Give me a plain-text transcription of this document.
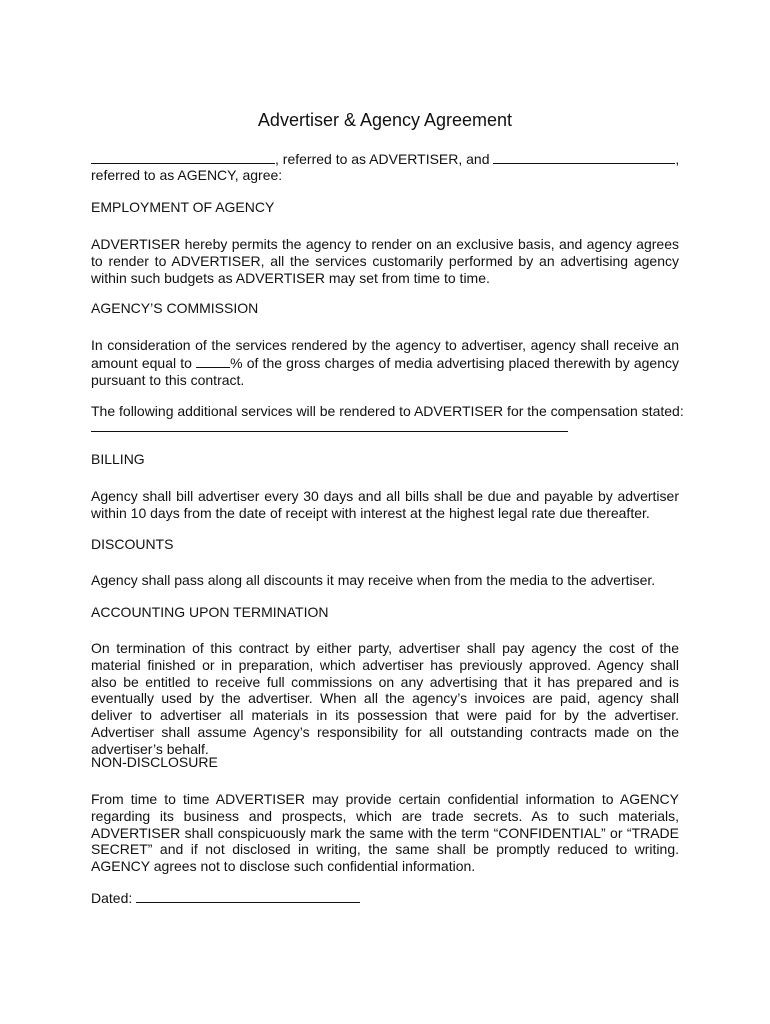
Advertiser & Agency Agreement
, referred to as ADVERTISER, and	,
referred to as AGENCY, agree:
EMPLOYMENT OF AGENCY
ADVERTISER hereby permits the agency to render on an exclusive basis, and agency agrees to render to ADVERTISER, all the services customarily performed by an advertising agency within such budgets as ADVERTISER may set from time to time.
AGENCY’S COMMISSION
In consideration of the services rendered by the agency to advertiser, agency shall receive an amount equal to % of the gross charges of media advertising placed therewith by agency pursuant to this contract.
The following additional services will be rendered to ADVERTISER for the compensation stated:
BILLING
Agency shall bill advertiser every 30 days and all bills shall be due and payable by advertiser within 10 days from the date of receipt with interest at the highest legal rate due thereafter.
DISCOUNTS
Agency shall pass along all discounts it may receive when from the media to the advertiser.
ACCOUNTING UPON TERMINATION
On termination of this contract by either party, advertiser shall pay agency the cost of the material finished or in preparation, which advertiser has previously approved. Agency shall also be entitled to receive full commissions on any advertising that it has prepared and is eventually used by the advertiser. When all the agency’s invoices are paid, agency shall deliver to advertiser all materials in its possession that were paid for by the advertiser. Advertiser shall assume Agency’s responsibility for all outstanding contracts made on the advertiser’s behalf.
NON-DISCLOSURE
From time to time ADVERTISER may provide certain confidential information to AGENCY regarding its business and prospects, which are trade secrets. As to such materials, ADVERTISER shall conspicuously mark the same with the term “CONFIDENTIAL” or “TRADE SECRET” and if not disclosed in writing, the same shall be promptly reduced to writing. AGENCY agrees not to disclose such confidential information.
Dated:
